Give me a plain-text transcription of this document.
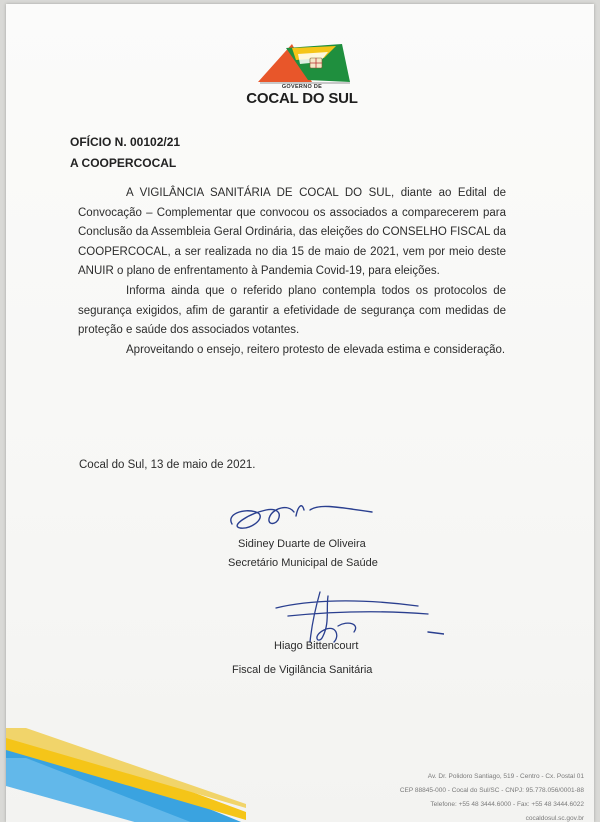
GOVERNO DE
COCAL DO SUL
OFÍCIO N. 00102/21
A COOPERCOCAL

A VIGILÂNCIA SANITÁRIA DE COCAL DO SUL, diante ao Edital de Convocação – Complementar que convocou os associados a comparecerem para Conclusão da Assembleia Geral Ordinária, das eleições do CONSELHO FISCAL da COOPERCOCAL, a ser realizada no dia 15 de maio de 2021, vem por meio deste ANUIR o plano de enfrentamento à Pandemia Covid-19, para eleições.

Informa ainda que o referido plano contempla todos os protocolos de segurança exigidos, afim de garantir a efetividade de segurança com medidas de proteção e saúde dos associados votantes.

Aproveitando o ensejo, reitero protesto de elevada estima e consideração.

Cocal do Sul, 13 de maio de 2021.
Sidiney Duarte de Oliveira
Secretário Municipal de Saúde
Hiago Bittencourt
Fiscal de Vigilância Sanitária
Av. Dr. Polidoro Santiago, 519 - Centro - Cx. Postal 01
CEP 88845-000 - Cocal do Sul/SC - CNPJ: 95.778.056/0001-88
Telefone: +55 48 3444.6000 - Fax: +55 48 3444.6022
cocaldosul.sc.gov.br
